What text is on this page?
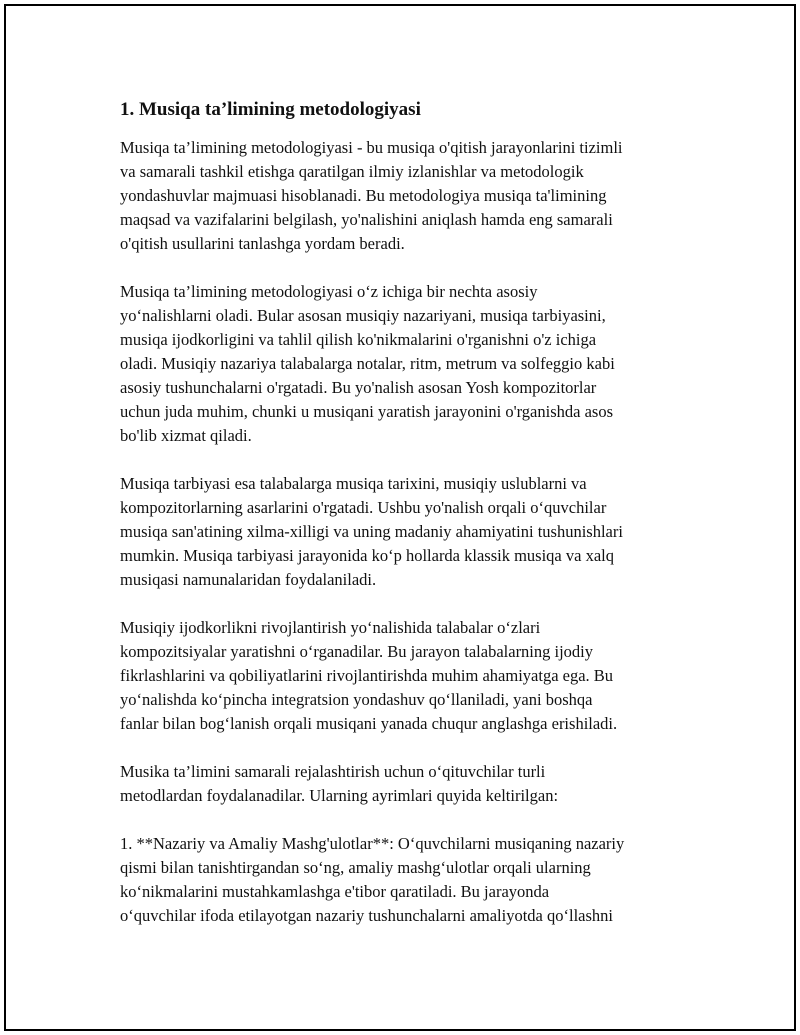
1. Musiqa ta’limining metodologiyasi
Musiqa ta’limining metodologiyasi - bu musiqa o'qitish jarayonlarini tizimli
va samarali tashkil etishga qaratilgan ilmiy izlanishlar va metodologik
yondashuvlar majmuasi hisoblanadi. Bu metodologiya musiqa ta'limining
maqsad va vazifalarini belgilash, yo'nalishini aniqlash hamda eng samarali
o'qitish usullarini tanlashga yordam beradi.
Musiqa ta’limining metodologiyasi o‘z ichiga bir nechta asosiy
yo‘nalishlarni oladi. Bular asosan musiqiy nazariyani, musiqa tarbiyasini,
musiqa ijodkorligini va tahlil qilish ko'nikmalarini o'rganishni o'z ichiga
oladi. Musiqiy nazariya talabalarga notalar, ritm, metrum va solfeggio kabi
asosiy tushunchalarni o'rgatadi. Bu yo'nalish asosan Yosh kompozitorlar
uchun juda muhim, chunki u musiqani yaratish jarayonini o'rganishda asos
bo'lib xizmat qiladi.
Musiqa tarbiyasi esa talabalarga musiqa tarixini, musiqiy uslublarni va
kompozitorlarning asarlarini o'rgatadi. Ushbu yo'nalish orqali o‘quvchilar
musiqa san'atining xilma-xilligi va uning madaniy ahamiyatini tushunishlari
mumkin. Musiqa tarbiyasi jarayonida ko‘p hollarda klassik musiqa va xalq
musiqasi namunalaridan foydalaniladi.
Musiqiy ijodkorlikni rivojlantirish yo‘nalishida talabalar o‘zlari
kompozitsiyalar yaratishni o‘rganadilar. Bu jarayon talabalarning ijodiy
fikrlashlarini va qobiliyatlarini rivojlantirishda muhim ahamiyatga ega. Bu
yo‘nalishda ko‘pincha integratsion yondashuv qo‘llaniladi, yani boshqa
fanlar bilan bog‘lanish orqali musiqani yanada chuqur anglashga erishiladi.
Musika ta’limini samarali rejalashtirish uchun o‘qituvchilar turli
metodlardan foydalanadilar. Ularning ayrimlari quyida keltirilgan:
1. **Nazariy va Amaliy Mashg'ulotlar**: O‘quvchilarni musiqaning nazariy
qismi bilan tanishtirgandan so‘ng, amaliy mashg‘ulotlar orqali ularning
ko‘nikmalarini mustahkamlashga e'tibor qaratiladi. Bu jarayonda
o‘quvchilar ifoda etilayotgan nazariy tushunchalarni amaliyotda qo‘llashni
